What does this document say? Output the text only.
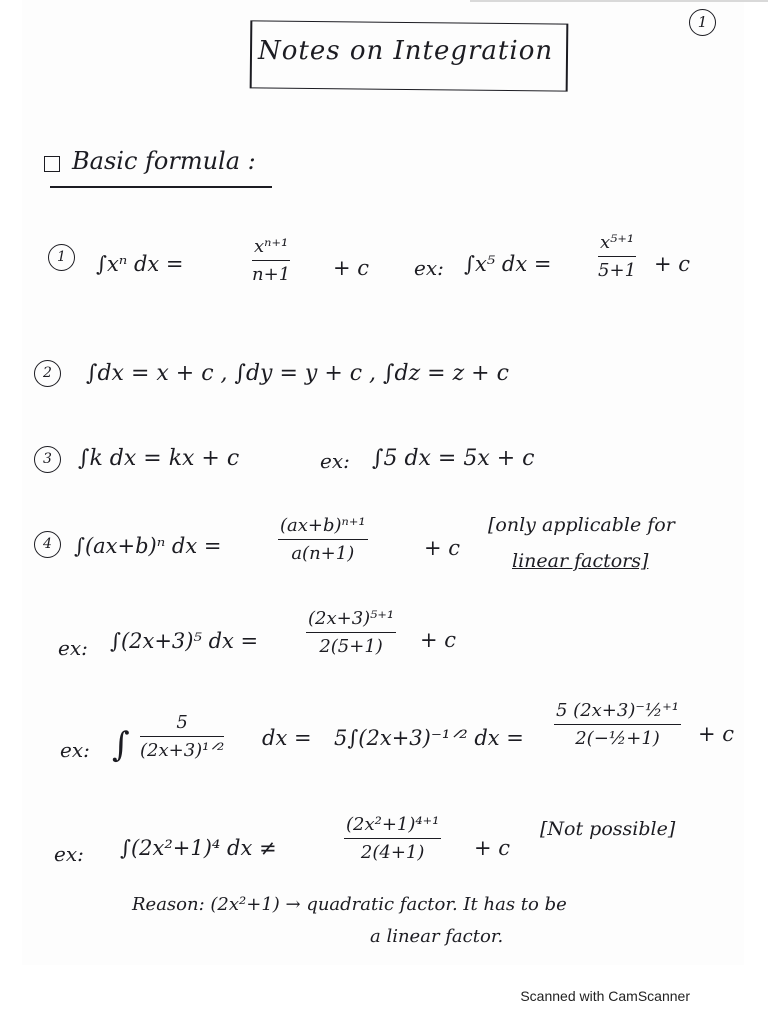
1
Notes on Integration
Basic formula :
1	∫xⁿ dx =	$\frac{\text{xⁿ⁺¹}}{n+1} + c$ ex: ∫x⁵ dx =	$\frac{\text{x⁵⁺¹}}{5+1} + c$
2	∫dx = x + c , ∫dy = y + c , ∫dz = z + c
3	∫k dx = kx + c	ex: ∫5 dx = 5x + c
4	∫(ax+b)ⁿ dx =	$\frac{\text{(ax+b)ⁿ⁺¹}}{a(n+1)}$	+ c
[only applicable for
linear factors]
ex: ∫(2x+3)⁵ dx =	$\frac{\text{(2x+3)⁵⁺¹}}{2(5+1)} + c$
ex: ∫
5
(2x+3)¹ᐟ²
dx = 5∫(2x+3)⁻¹ᐟ² dx = $\frac{\text{5 (2x+3)⁻½⁺¹}}{\text{2(−½+1)}} + c$
ex: ∫(2x²+1)⁴ dx ≠	$\frac{\text{(2x²+1)⁴⁺¹}}{2(4+1)} + c$
[Not possible]
Reason: (2x²+1) → quadratic factor. It has to be
a linear factor.
Scanned with CamScanner
